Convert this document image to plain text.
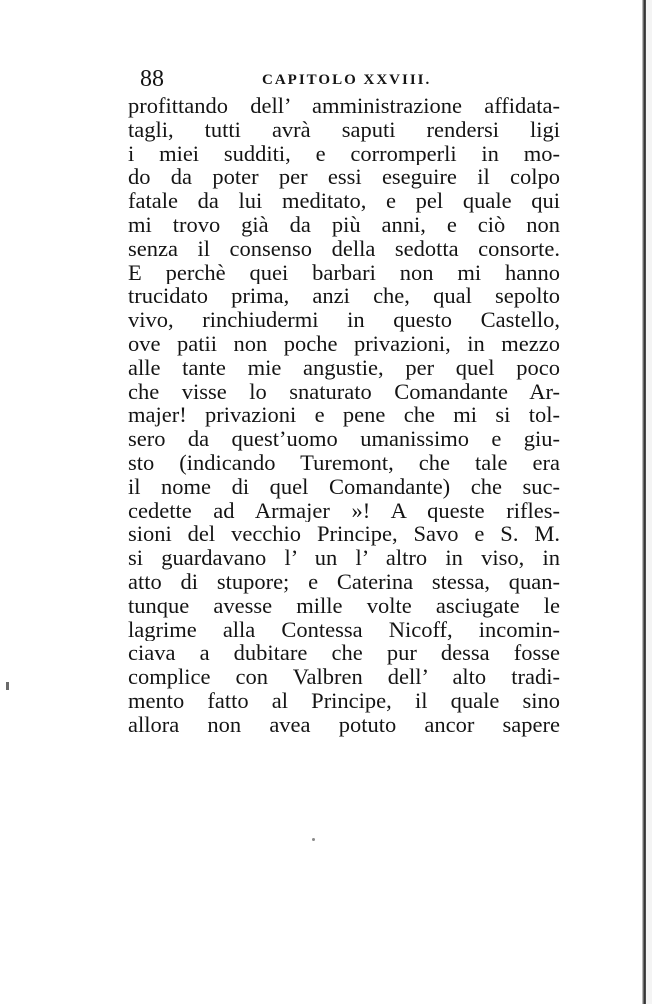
88	CAPITOLO XXVIII.
profittando dell’ amministrazione affidata-
tagli, tutti avrà saputi rendersi ligi
i miei sudditi, e corromperli in mo-
do da poter per essi eseguire il colpo
fatale da lui meditato, e pel quale qui
mi trovo già da più anni, e ciò non
senza il consenso della sedotta consorte.
E perchè quei barbari non mi hanno
trucidato prima, anzi che, qual sepolto
vivo, rinchiudermi in questo Castello,
ove patii non poche privazioni, in mezzo
alle tante mie angustie, per quel poco
che visse lo snaturato Comandante Ar-
majer! privazioni e pene che mi si tol-
sero da quest’uomo umanissimo e giu-
sto (indicando Turemont, che tale era
il nome di quel Comandante) che suc-
cedette ad Armajer »! A queste rifles-
sioni del vecchio Principe, Savo e S. M.
si guardavano l’ un l’ altro in viso, in
atto di stupore; e Caterina stessa, quan-
tunque avesse mille volte asciugate le
lagrime alla Contessa Nicoff, incomin-
ciava a dubitare che pur dessa fosse
complice con Valbren dell’ alto tradi-
mento fatto al Principe, il quale sino
allora non avea potuto ancor sapere
